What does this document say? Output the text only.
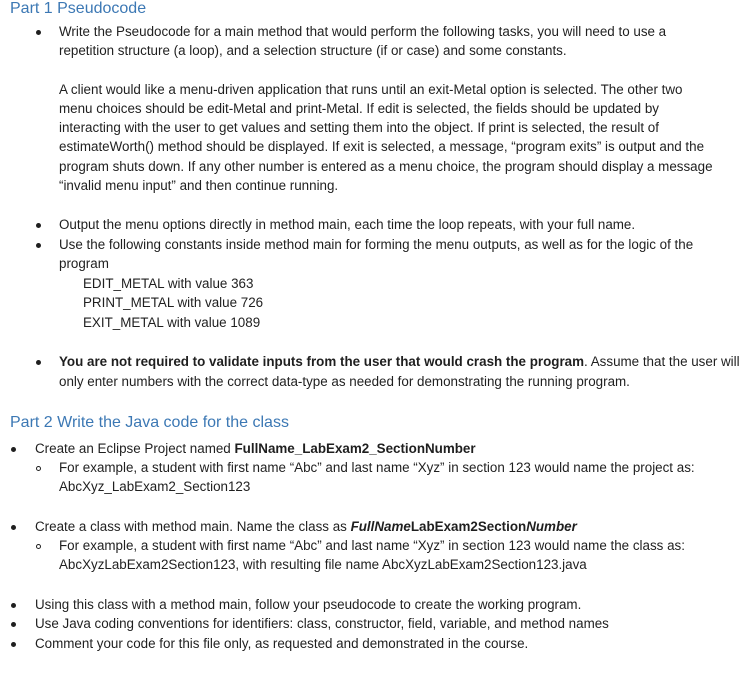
Part 1 Pseudocode
Write the Pseudocode for a main method that would perform the following tasks, you will need to use a
repetition structure (a loop), and a selection structure (if or case) and some constants.
A client would like a menu-driven application that runs until an exit-Metal option is selected. The other two
menu choices should be edit-Metal and print-Metal. If edit is selected, the fields should be updated by
interacting with the user to get values and setting them into the object. If print is selected, the result of
estimateWorth() method should be displayed. If exit is selected, a message, “program exits” is output and the
program shuts down. If any other number is entered as a menu choice, the program should display a message
“invalid menu input” and then continue running.
Output the menu options directly in method main, each time the loop repeats, with your full name.
Use the following constants inside method main for forming the menu outputs, as well as for the logic of the
program
EDIT_METAL with value 363
PRINT_METAL with value 726
EXIT_METAL with value 1089
You are not required to validate inputs from the user that would crash the program. Assume that the user will
only enter numbers with the correct data-type as needed for demonstrating the running program.
Part 2 Write the Java code for the class
Create an Eclipse Project named FullName_LabExam2_SectionNumber
For example, a student with first name “Abc” and last name “Xyz” in section 123 would name the project as:
AbcXyz_LabExam2_Section123
Create a class with method main. Name the class as FullNameLabExam2SectionNumber
For example, a student with first name “Abc” and last name “Xyz” in section 123 would name the class as:
AbcXyzLabExam2Section123, with resulting file name AbcXyzLabExam2Section123.java
Using this class with a method main, follow your pseudocode to create the working program.
Use Java coding conventions for identifiers: class, constructor, field, variable, and method names
Comment your code for this file only, as requested and demonstrated in the course.
